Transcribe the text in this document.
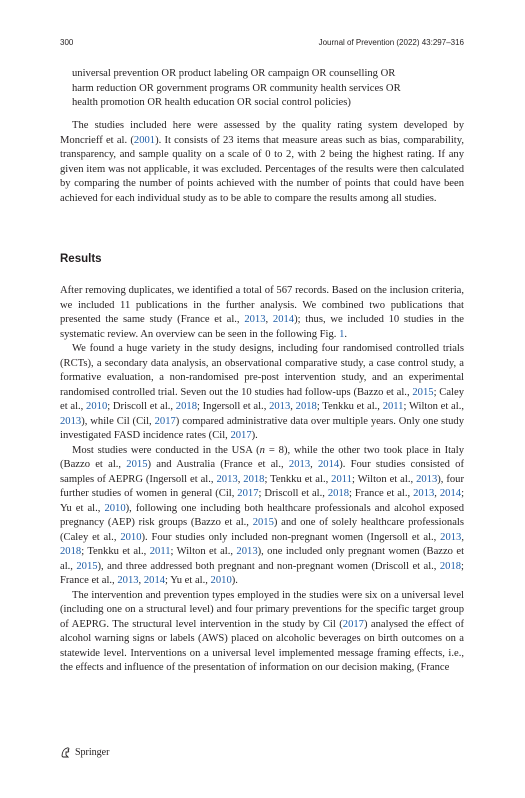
300	Journal of Prevention (2022) 43:297–316
universal prevention OR product labeling OR campaign OR counselling OR
harm reduction OR government programs OR community health services OR
health promotion OR health education OR social control policies)

The studies included here were assessed by the quality rating system developed by Moncrieff et al. (2001). It consists of 23 items that measure areas such as bias, comparability, transparency, and sample quality on a scale of 0 to 2, with 2 being the highest rating. If any given item was not applicable, it was excluded. Percentages of the results were then calculated by comparing the number of points achieved with the number of points that could have been achieved for each individual study as to be able to compare the results among all studies.

Results

After removing duplicates, we identified a total of 567 records. Based on the inclusion criteria, we included 11 publications in the further analysis. We combined two publications that presented the same study (France et al., 2013, 2014); thus, we included 10 studies in the systematic review. An overview can be seen in the following Fig. 1.

We found a huge variety in the study designs, including four randomised controlled trials (RCTs), a secondary data analysis, an observational comparative study, a case control study, a formative evaluation, a non-randomised pre-post intervention study, and an experimental randomised controlled trial. Seven out the 10 studies had follow-ups (Bazzo et al., 2015; Caley et al., 2010; Driscoll et al., 2018; Ingersoll et al., 2013, 2018; Tenkku et al., 2011; Wilton et al., 2013), while Cil (Cil, 2017) compared administrative data over multiple years. Only one study investigated FASD incidence rates (Cil, 2017).

Most studies were conducted in the USA (n = 8), while the other two took place in Italy (Bazzo et al., 2015) and Australia (France et al., 2013, 2014). Four studies consisted of samples of AEPRG (Ingersoll et al., 2013, 2018; Tenkku et al., 2011; Wilton et al., 2013), four further studies of women in general (Cil, 2017; Driscoll et al., 2018; France et al., 2013, 2014; Yu et al., 2010), following one including both healthcare professionals and alcohol exposed pregnancy (AEP) risk groups (Bazzo et al., 2015) and one of solely healthcare professionals (Caley et al., 2010). Four studies only included non-pregnant women (Ingersoll et al., 2013, 2018; Tenkku et al., 2011; Wilton et al., 2013), one included only pregnant women (Bazzo et al., 2015), and three addressed both pregnant and non-pregnant women (Driscoll et al., 2018; France et al., 2013, 2014; Yu et al., 2010).

The intervention and prevention types employed in the studies were six on a universal level (including one on a structural level) and four primary preventions for the specific target group of AEPRG. The structural level intervention in the study by Cil (2017) analysed the effect of alcohol warning signs or labels (AWS) placed on alcoholic beverages on birth outcomes on a statewide level. Interventions on a universal level implemented message framing effects, i.e., the effects and influence of the presentation of information on our decision making, (France

Springer
